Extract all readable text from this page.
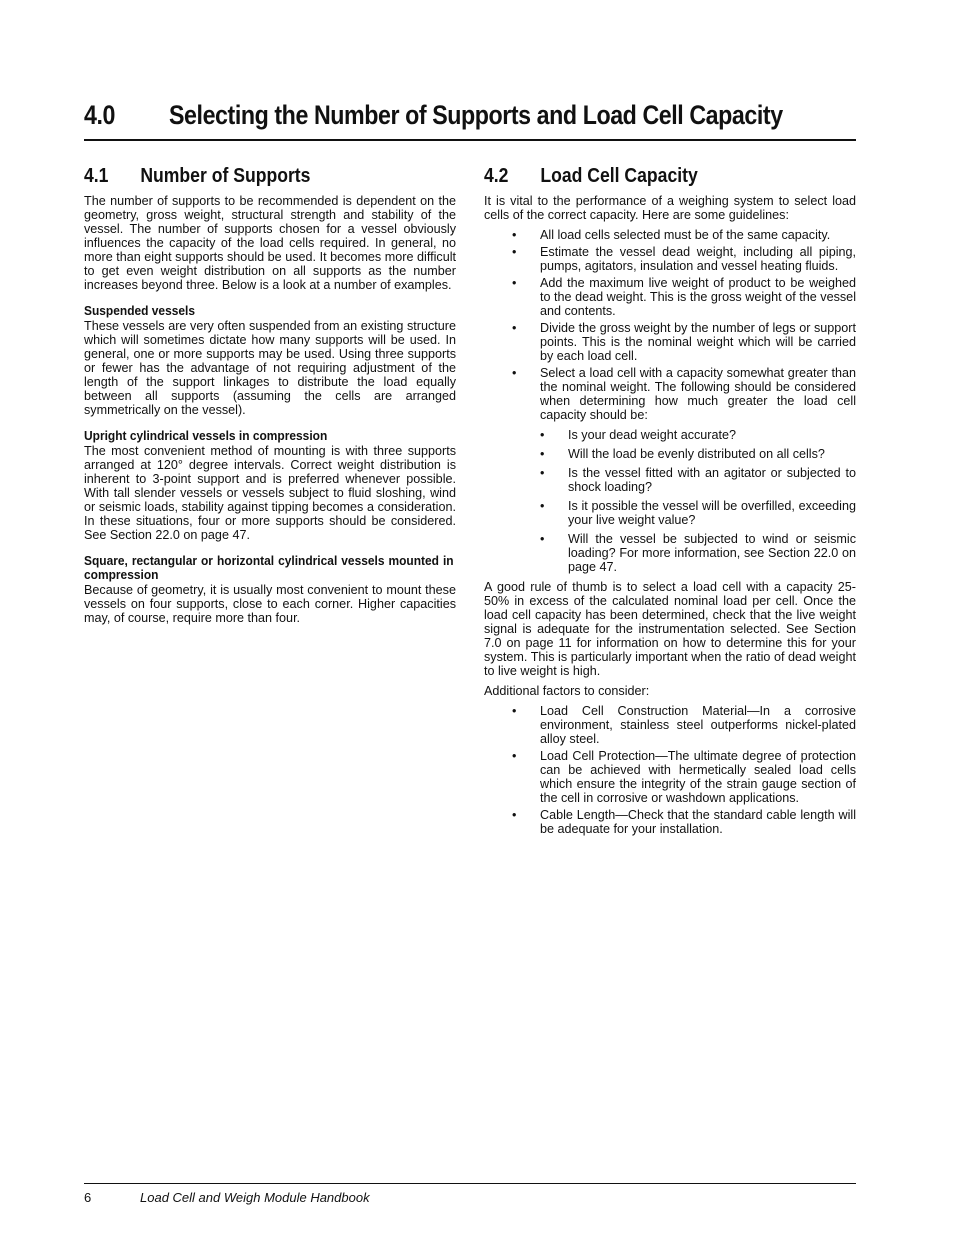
4.0 Selecting the Number of Supports and Load Cell Capacity
4.1 Number of Supports

The number of supports to be recommended is dependent on the geometry, gross weight, structural strength and stability of the vessel. The number of supports chosen for a vessel obviously influences the capacity of the load cells required. In general, no more than eight supports should be used. It becomes more difficult to get even weight distribution on all supports as the number increases beyond three. Below is a look at a number of examples.

Suspended vessels

These vessels are very often suspended from an existing structure which will sometimes dictate how many supports will be used. In general, one or more supports may be used. Using three supports or fewer has the advantage of not requiring adjustment of the length of the support linkages to distribute the load equally between all supports (assuming the cells are arranged symmetrically on the vessel).

Upright cylindrical vessels in compression

The most convenient method of mounting is with three supports arranged at 120° degree intervals. Correct weight distribution is inherent to 3-point support and is preferred whenever possible. With tall slender vessels or vessels subject to fluid sloshing, wind or seismic loads, stability against tipping becomes a consideration. In these situations, four or more supports should be considered. See Section 22.0 on page 47.

Square, rectangular or horizontal cylindrical vessels mounted in compression

Because of geometry, it is usually most convenient to mount these vessels on four supports, close to each corner. Higher capacities may, of course, require more than four.

4.2 Load Cell Capacity

It is vital to the performance of a weighing system to select load cells of the correct capacity. Here are some guidelines:

• All load cells selected must be of the same capacity.
• Estimate the vessel dead weight, including all piping, pumps, agitators, insulation and vessel heating fluids.
• Add the maximum live weight of product to be weighed to the dead weight. This is the gross weight of the vessel and contents.
• Divide the gross weight by the number of legs or support points. This is the nominal weight which will be carried by each load cell.
• Select a load cell with a capacity somewhat greater than the nominal weight. The following should be considered when determining how much greater the load cell capacity should be:
• Is your dead weight accurate?
• Will the load be evenly distributed on all cells?
• Is the vessel fitted with an agitator or subjected to shock loading?
• Is it possible the vessel will be overfilled, exceeding your live weight value?
• Will the vessel be subjected to wind or seismic loading? For more information, see Section 22.0 on page 47.

A good rule of thumb is to select a load cell with a capacity 25-50% in excess of the calculated nominal load per cell. Once the load cell capacity has been determined, check that the live weight signal is adequate for the instrumentation selected. See Section 7.0 on page 11 for information on how to determine this for your system. This is particularly important when the ratio of dead weight to live weight is high.

Additional factors to consider:

• Load Cell Construction Material—In a corrosive environment, stainless steel outperforms nickel-plated alloy steel.
• Load Cell Protection—The ultimate degree of protection can be achieved with hermetically sealed load cells which ensure the integrity of the strain gauge section of the cell in corrosive or washdown applications.
• Cable Length—Check that the standard cable length will be adequate for your installation.
6	Load Cell and Weigh Module Handbook
